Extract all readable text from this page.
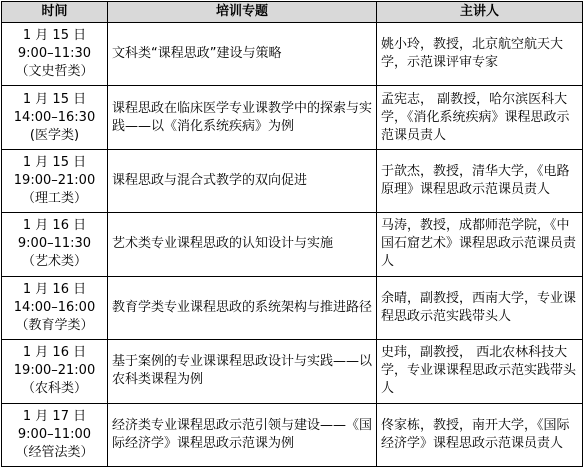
时间	培训专题	主讲人

1 月 15 日
9:00–11:30
（文史哲类）	文科类“课程思政”建设与策略	姚小玲，教授，北京航空航天大学，示范课评审专家

1 月 15 日
14:00–16:30
(医学类)	课程思政在临床医学专业课教学中的探索与实践——以《消化系统疾病》为例	孟宪志， 副教授，哈尔滨医科大学，《消化系统疾病》课程思政示范课员责人

1 月 15 日
19:00–21:00
（理工类）	课程思政与混合式教学的双向促进	于歆杰，教授，清华大学，《电路原理》课程思政示范课员责人

1 月 16 日
9:00–11:30
（艺术类）	艺术类专业课程思政的认知设计与实施	马涛，教授，成都师范学院，《中国石窟艺术》课程思政示范课员责人

1 月 16 日
14:00–16:00
（教育学类）	教育学类专业课程思政的系统架构与推进路径	余晴，副教授，西南大学，专业课程思政示范实践带头人

1 月 16 日
19:00–21:00
（农科类）	基于案例的专业课课程思政设计与实践——以农科类课程为例	史玮，副教授， 西北农林科技大学，专业课课程思政示范实践带头人

1 月 17 日
9:00–11:00
（经管法类）	经济类专业课程思政示范引领与建设——《国际经济学》课程思政示范课为例	佟家栋，教授，南开大学，《国际经济学》课程思政示范课员责人
